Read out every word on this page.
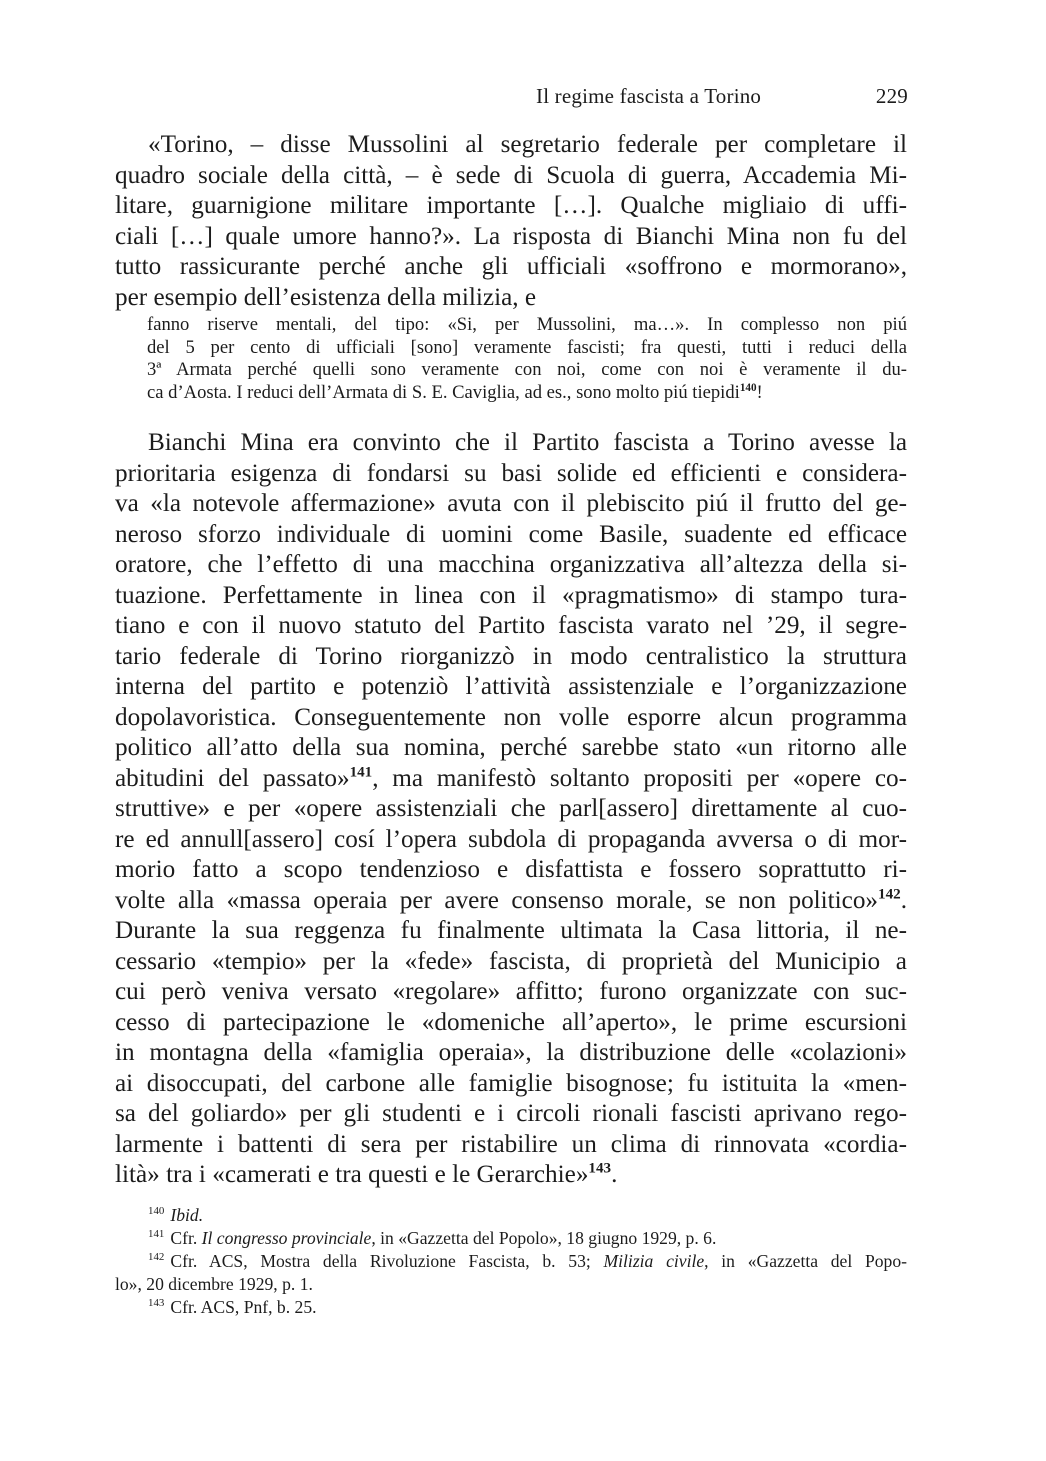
Il regime fascista a Torino	229
«Torino, – disse Mussolini al segretario federale per completare il
quadro sociale della città, – è sede di Scuola di guerra, Accademia Mi-
litare, guarnigione militare importante […]. Qualche migliaio di uffi-
ciali […] quale umore hanno?». La risposta di Bianchi Mina non fu del
tutto rassicurante perché anche gli ufficiali «soffrono e mormorano»,
per esempio dell’esistenza della milizia, e
fanno riserve mentali, del tipo: «Si, per Mussolini, ma…». In complesso non piú
del 5 per cento di ufficiali [sono] veramente fascisti; fra questi, tutti i reduci della
3ª Armata perché quelli sono veramente con noi, come con noi è veramente il du-
ca d’Aosta. I reduci dell’Armata di S. E. Caviglia, ad es., sono molto piú tiepidi$^{140}$!
Bianchi Mina era convinto che il Partito fascista a Torino avesse la
prioritaria esigenza di fondarsi su basi solide ed efficienti e considera-
va «la notevole affermazione» avuta con il plebiscito piú il frutto del ge-
neroso sforzo individuale di uomini come Basile, suadente ed efficace
oratore, che l’effetto di una macchina organizzativa all’altezza della si-
tuazione. Perfettamente in linea con il «pragmatismo» di stampo tura-
tiano e con il nuovo statuto del Partito fascista varato nel ’29, il segre-
tario federale di Torino riorganizzò in modo centralistico la struttura
interna del partito e potenziò l’attività assistenziale e l’organizzazione
dopolavoristica. Conseguentemente non volle esporre alcun programma
politico all’atto della sua nomina, perché sarebbe stato «un ritorno alle
abitudini del passato»$^{141}$, ma manifestò soltanto propositi per «opere co-
struttive» e per «opere assistenziali che parl[assero] direttamente al cuo-
re ed annull[assero] cosí l’opera subdola di propaganda avversa o di mor-
morio fatto a scopo tendenzioso e disfattista e fossero soprattutto ri-
volte alla «massa operaia per avere consenso morale, se non politico»$^{142}$.
Durante la sua reggenza fu finalmente ultimata la Casa littoria, il ne-
cessario «tempio» per la «fede» fascista, di proprietà del Municipio a
cui però veniva versato «regolare» affitto; furono organizzate con suc-
cesso di partecipazione le «domeniche all’aperto», le prime escursioni
in montagna della «famiglia operaia», la distribuzione delle «colazioni»
ai disoccupati, del carbone alle famiglie bisognose; fu istituita la «men-
sa del goliardo» per gli studenti e i circoli rionali fascisti aprivano rego-
larmente i battenti di sera per ristabilire un clima di rinnovata «cordia-
lità» tra i «camerati e tra questi e le Gerarchie»$^{143}$.
$^{140}$ Ibid.
$^{141}$ Cfr. Il congresso provinciale, in «Gazzetta del Popolo», 18 giugno 1929, p. 6.
$^{142}$ Cfr. ACS, Mostra della Rivoluzione Fascista, b. 53; Milizia civile, in «Gazzetta del Popo-
lo», 20 dicembre 1929, p. 1.
$^{143}$ Cfr. ACS, Pnf, b. 25.
